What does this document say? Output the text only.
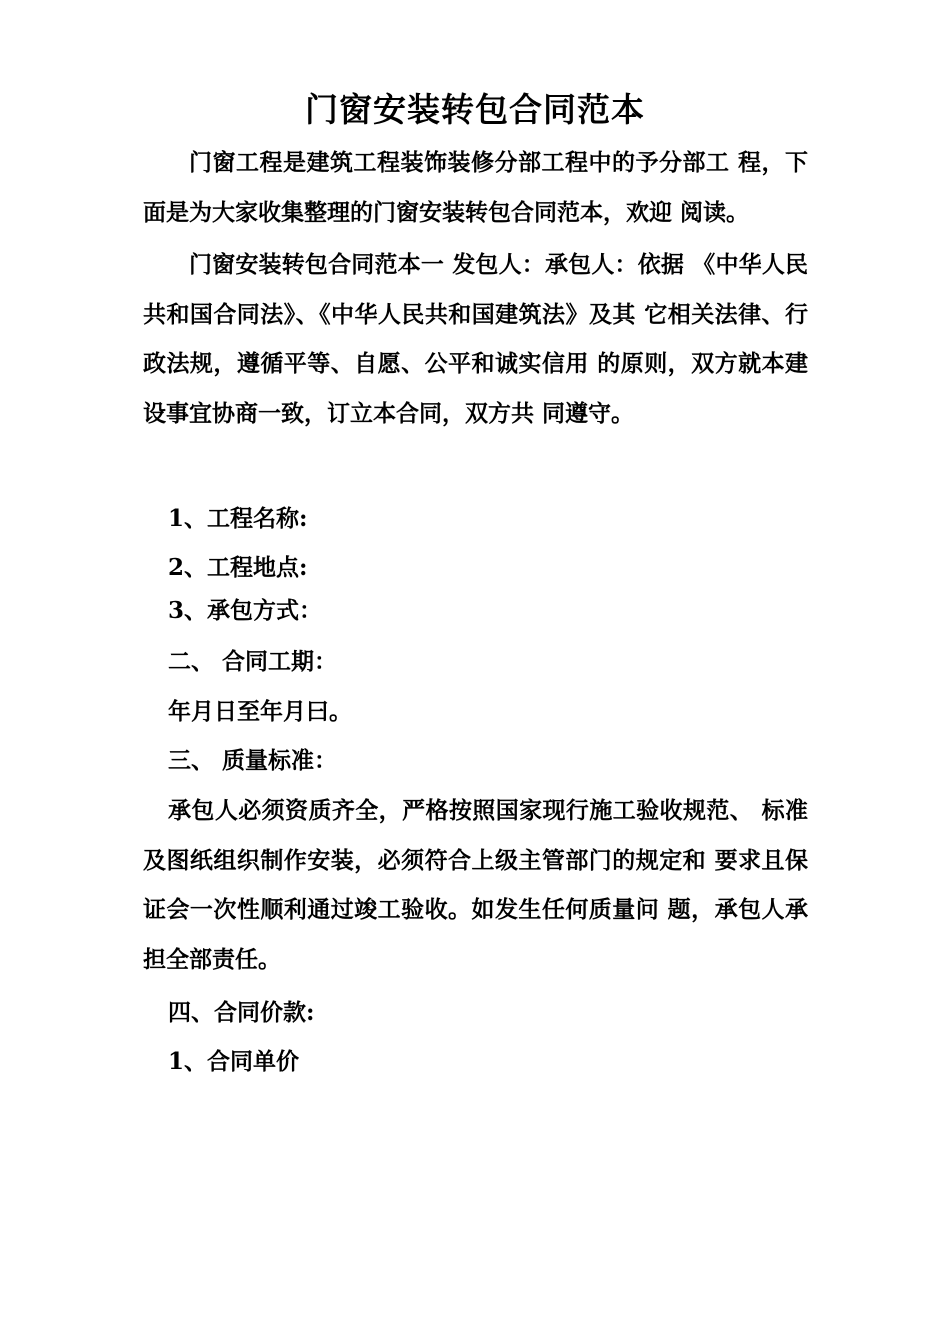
门窗安装转包合同范本

门窗工程是建筑工程装饰装修分部工程中的予分部工 程，下面是为大家收集整理的门窗安装转包合同范本，欢迎 阅读。

门窗安装转包合同范本一 发包人：承包人：依据 《中华人民共和国合同法》、《中华人民共和国建筑法》及其 它相关法律、行政法规，遵循平等、自愿、公平和诚实信用 的原则，双方就本建设事宜协商一致，订立本合同，双方共 同遵守。

1、工程名称:
2、工程地点:
3、承包方式：
二、 合同工期：
年月日至年月曰。
三、 质量标准：

承包人必须资质齐全，严格按照国家现行施工验收规范、 标准及图纸组织制作安装，必须符合上级主管部门的规定和 要求且保证会一次性顺利通过竣工验收。如发生任何质量问 题，承包人承担全部责任。

四、合同价款:
1、合同单价
